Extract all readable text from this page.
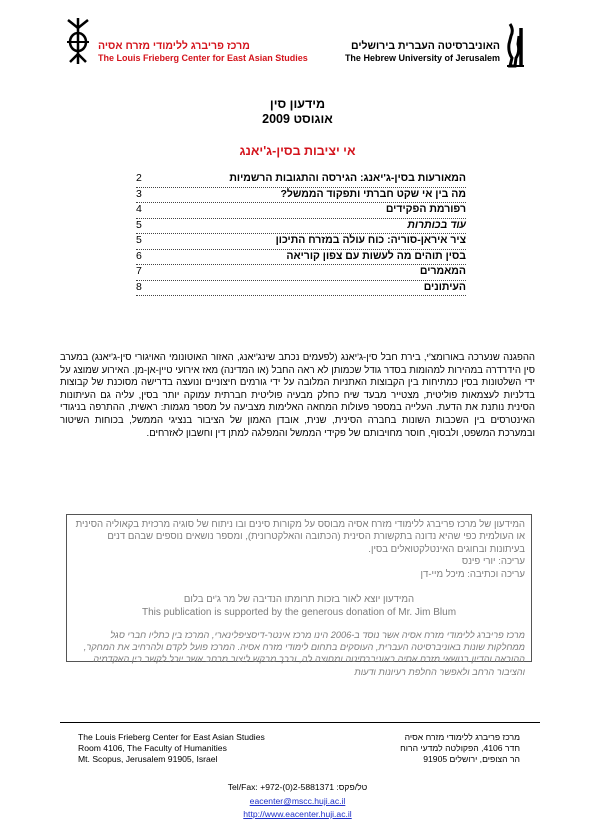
מרכז פריברג ללימודי מזרח אסיה
The Louis Frieberg Center for East Asian Studies
האוניברסיטה העברית בירושלים
The Hebrew University of Jerusalem
מידעון סין
אוגוסט 2009
אי יציבות בסין-ג'יאנג
2	המאורעות בסין-ג'יאנג: הגירסה והתגובות הרשמיות
3	מה בין אי שקט חברתי ותפקוד הממשל?
4	רפורמת הפקידים
5	עוד בכותרות
5	ציר איראן-סוריה: כוח עולה במזרח התיכון
6	בסין תוהים מה לעשות עם צפון קוריאה
7	המאמרים
8	העיתונים
ההפגנה שנערכה באורומצ'י, בירת חבל סין-ג'יאנג (לפעמים נכתב שינג'יאנג, האזור האוטונומי האויגורי סין-ג'יאנג) במערב סין הידרדרה במהירות למהומות בסדר גודל שכמותן לא ראה החבל (או המדינה) מאז אירועי טיין-אן-מן. האירוע שמוצג על ידי השלטונות בסין כמתיחות בין הקבוצות האתניות המלובה על ידי גורמים חיצוניים ונועצה בדרישה מסוכנת של קבוצות בדלניות לעצמאות פוליטית, מצטייר מבעד שיח כחלק מבעיה פוליטית חברתית עמוקה יותר בסין, עליה גם העיתונות הסינית נותנת את הדעת. העלייה במספר פעולות המחאה האלימות מצביעה על מספר מגמות: ראשית, ההתרפה בניגודי האינטרסים בין השכבות השונות בחברה הסינית, שנית, אובדן האמון של הציבור בנציגי הממשל, בכוחות השיטור ובמערכת המשפט, ולבסוף, חוסר מחויבותם של פקידי הממשל והמפלגה למתן דין וחשבון לאזרחים.
המידעון של מרכז פריברג ללימודי מזרח אסיה מבוסס על מקורות סינים ובו ניתוח של סוגיה מרכזית בקאוליה הסינית או העולמית כפי שהיא נדונה בתקשורת הסינית (הכתובה והאלקטרונית), ומספר נושאים נוספים שבהם דנים בעיתונות ובחוגים האינטלקטואלים בסין.
עריכה: יורי פינס
עריכה וכתיבה: מיכל מיי-דן
המידעון יוצא לאור בזכות תרומתו הנדיבה של מר ג'ים בלום
This publication is supported by the generous donation of Mr. Jim Blum
מרכז פריברג ללימודי מזרח אסיה אשר נוסד ב-2006 הינו מרכז אינטר-דיסציפלינארי, המרכז בין כתליו חברי סגל ממחלקות שונות באוניברסיטה העברית, העוסקים בתחום לימודי מזרח אסיה. המרכז פועל לקדם ולהרחיב את המחקר, ההוראה והדיון בנושאי מזרח אסיה באוניברסיטה ומחוצה לה, ובכך מבקש ליצור מרחב אשר יוכל לקשר בין האקדמיה והציבור הרחב ולאפשר החלפת רעיונות ודעות
The Louis Frieberg Center for East Asian Studies
Room 4106, The Faculty of Humanities
Mt. Scopus, Jerusalem 91905, Israel
מרכז פריברג ללימודי מזרח אסיה
חדר 4106, הפקולטה למדעי הרוח
הר הצופים, ירושלים 91905
Tel/Fax: +972-(0)2-5881371 טל/פקס:
eacenter@mscc.huji.ac.il
http://www.eacenter.huji.ac.il
